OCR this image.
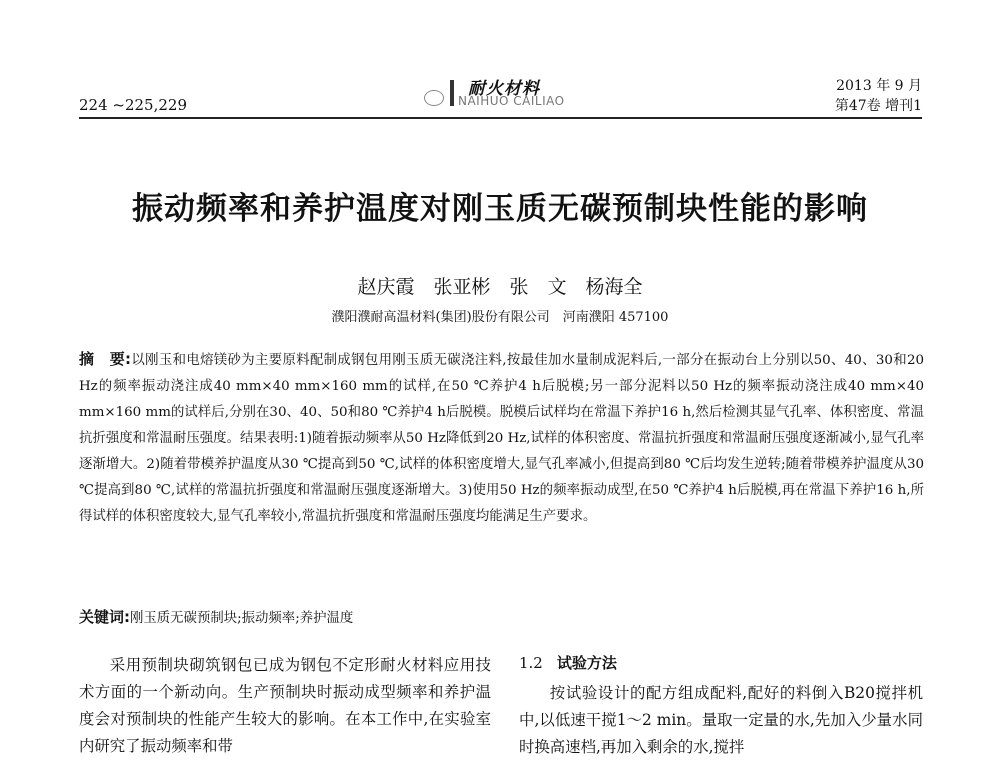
224 ~225,229
耐火材料
NAIHUO CAILIAO
2013 年 9 月
第47卷 增刊1
振动频率和养护温度对刚玉质无碳预制块性能的影响
赵庆霞　张亚彬　张　文　杨海全
濮阳濮耐高温材料(集团)股份有限公司　河南濮阳 457100
摘　要:以刚玉和电熔镁砂为主要原料配制成钢包用刚玉质无碳浇注料,按最佳加水量制成泥料后,一部分在振动台上分别以50、40、30和20 Hz的频率振动浇注成40 mm×40 mm×160 mm的试样,在50 ℃养护4 h后脱模;另一部分泥料以50 Hz的频率振动浇注成40 mm×40 mm×160 mm的试样后,分别在30、40、50和80 ℃养护4 h后脱模。脱模后试样均在常温下养护16 h,然后检测其显气孔率、体积密度、常温抗折强度和常温耐压强度。结果表明:1)随着振动频率从50 Hz降低到20 Hz,试样的体积密度、常温抗折强度和常温耐压强度逐渐减小,显气孔率逐渐增大。2)随着带模养护温度从30 ℃提高到50 ℃,试样的体积密度增大,显气孔率减小,但提高到80 ℃后均发生逆转;随着带模养护温度从30 ℃提高到80 ℃,试样的常温抗折强度和常温耐压强度逐渐增大。3)使用50 Hz的频率振动成型,在50 ℃养护4 h后脱模,再在常温下养护16 h,所得试样的体积密度较大,显气孔率较小,常温抗折强度和常温耐压强度均能满足生产要求。
关键词:刚玉质无碳预制块;振动频率;养护温度
采用预制块砌筑钢包已成为钢包不定形耐火材料应用技术方面的一个新动向。生产预制块时振动成型频率和养护温度会对预制块的性能产生较大的影响。在本工作中,在实验室内研究了振动频率和带
1.2 试验方法
按试验设计的配方组成配料,配好的料倒入B20搅拌机中,以低速干搅1～2 min。量取一定量的水,先加入少量水同时换高速档,再加入剩余的水,搅拌
